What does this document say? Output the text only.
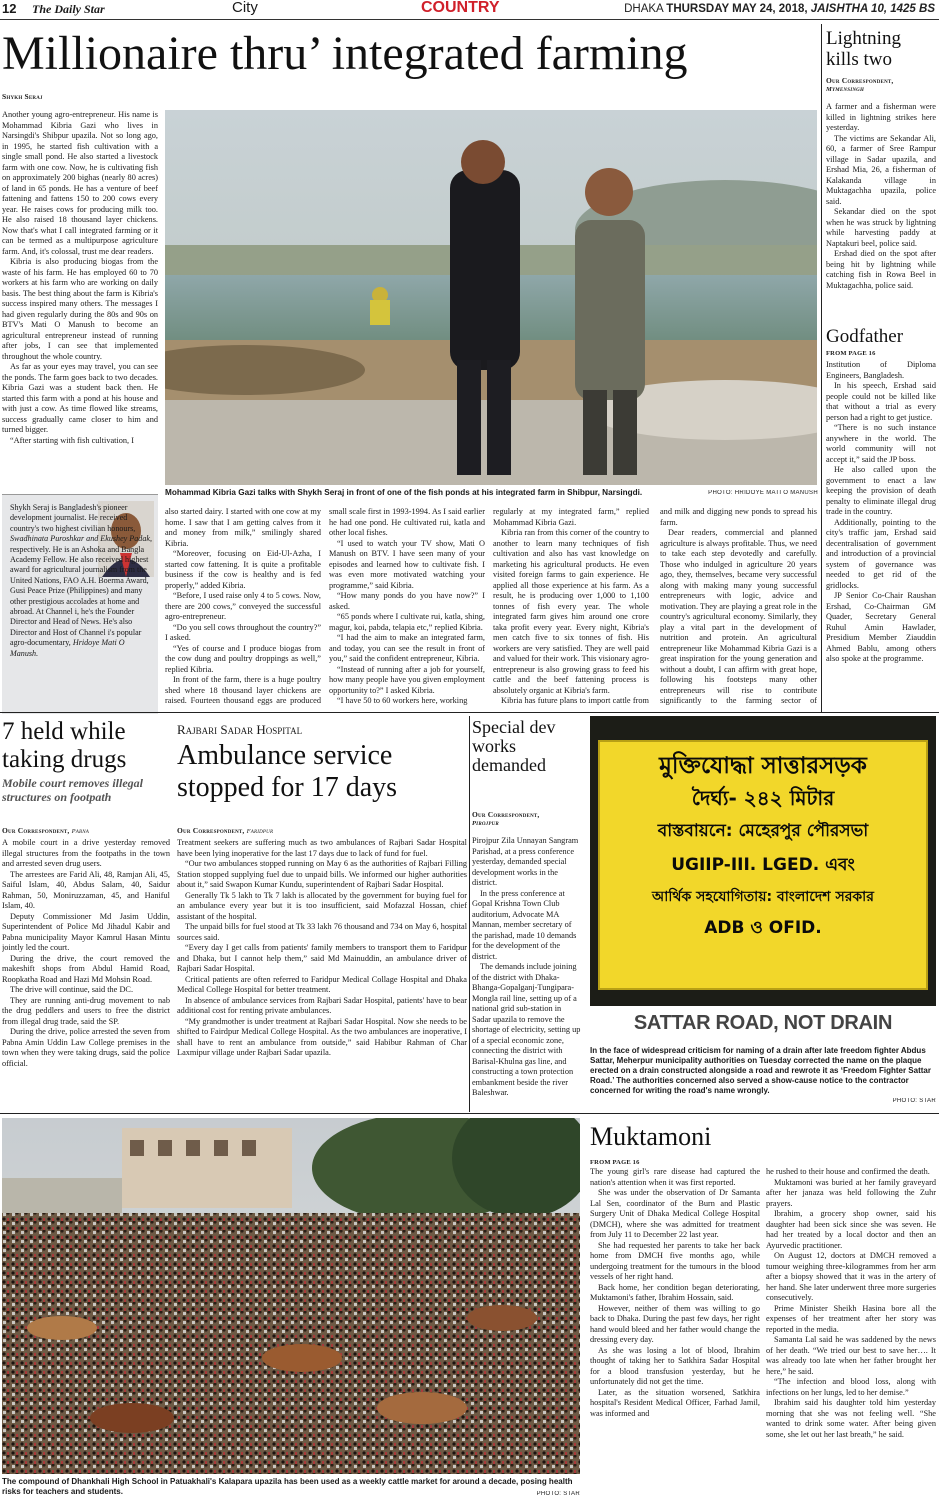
12 The Daily Star	City	COUNTRY	DHAKA THURSDAY MAY 24, 2018, JAISHTHA 10, 1425 BS
Millionaire thru’ integrated farming
Shykh Seraj

Another young agro-entrepreneur. His name is Mohammad Kibria Gazi who lives in Narsingdi's Shibpur upazila. Not so long ago, in 1995, he started fish cultivation with a single small pond. He also started a livestock farm with one cow. Now, he is cultivating fish on approximately 200 bighas (nearly 80 acres) of land in 65 ponds. He has a venture of beef fattening and fattens 150 to 200 cows every year. He raises cows for producing milk too. He also raised 18 thousand layer chickens. Now that's what I call integrated farming or it can be termed as a multipurpose agriculture farm. And, it's colossal, trust me dear readers.

Kibria is also producing biogas from the waste of his farm. He has employed 60 to 70 workers at his farm who are working on daily basis. The best thing about the farm is Kibria's success inspired many others. The messages I had given regularly during the 80s and 90s on BTV's Mati O Manush to become an agricultural entrepreneur instead of running after jobs, I can see that implemented throughout the whole country.

As far as your eyes may travel, you can see the ponds. The farm goes back to two decades. Kibria Gazi was a student back then. He started this farm with a pond at his house and with just a cow. As time flowed like streams, success gradually came closer to him and turned bigger.

“After starting with fish cultivation, I

Mohammad Kibria Gazi talks with Shykh Seraj in front of one of the fish ponds at his integrated farm in Shibpur, Narsingdi.	PHOTO: HRIDOYE MATI O MANUSH
Shykh Seraj is Bangladesh's pioneer development journalist. He received country's two highest civilian honours, Swadhinata Puroshkar and Ekushey Padak, respectively. He is an Ashoka and Bangla Academy Fellow. He also received highest award for agricultural journalism from the United Nations, FAO A.H. Boerma Award, Gusi Peace Prize (Philippines) and many other prestigious accolades at home and abroad. At Channel i, he's the Founder Director and Head of News. He's also Director and Host of Channel i's popular agro-documentary, Hridoye Mati O Manush.

also started dairy. I started with one cow at my home. I saw that I am getting calves from it and money from milk,” smilingly shared Kibria.

“Moreover, focusing on Eid-Ul-Azha, I started cow fattening. It is quite a profitable business if the cow is healthy and is fed properly,” added Kibria.

“Before, I used raise only 4 to 5 cows. Now, there are 200 cows,” conveyed the successful agro-entrepreneur.

“Do you sell cows throughout the country?” I asked.

“Yes of course and I produce biogas from the cow dung and poultry droppings as well,” replied Kibria.

In front of the farm, there is a huge poultry shed where 18 thousand layer chickens are raised. Fourteen thousand eggs are produced

small scale first in 1993-1994. As I said earlier he had one pond. He cultivated rui, katla and other local fishes.

“I used to watch your TV show, Mati O Manush on BTV. I have seen many of your episodes and learned how to cultivate fish. I was even more motivated watching your programme,” said Kibria.

“How many ponds do you have now?” I asked.

“65 ponds where I cultivate rui, katla, shing, magur, koi, pabda, telapia etc,” replied Kibria.

“I had the aim to make an integrated farm, and today, you can see the result in front of you,” said the confident entrepreneur, Kibria.

“Instead of running after a job for yourself, how many people have you given employment opportunity to?” I asked Kibria.

“I have 50 to 60 workers here, working

regularly at my integrated farm,” replied Mohammad Kibria Gazi.

Kibria ran from this corner of the country to another to learn many techniques of fish cultivation and also has vast knowledge on marketing his agricultural products. He even visited foreign farms to gain experience. He applied all those experience at his farm. As a result, he is producing over 1,000 to 1,100 tonnes of fish every year. The whole integrated farm gives him around one crore taka profit every year. Every night, Kibria's men catch five to six tonnes of fish. His workers are very satisfied. They are well paid and valued for their work. This visionary agro-entrepreneur is also growing grass to feed his cattle and the beef fattening process is absolutely organic at Kibria's farm.

Kibria has future plans to import cattle from

and milk and digging new ponds to spread his farm.

Dear readers, commercial and planned agriculture is always profitable. Thus, we need to take each step devotedly and carefully. Those who indulged in agriculture 20 years ago, they, themselves, became very successful along with making many young successful entrepreneurs with logic, advice and motivation. They are playing a great role in the country's agricultural economy. Similarly, they play a vital part in the development of nutrition and protein. An agricultural entrepreneur like Mohammad Kibria Gazi is a great inspiration for the young generation and without a doubt, I can affirm with great hope, following his footsteps many other entrepreneurs will rise to contribute significantly to the farming sector of

Lightning kills two
Our Correspondent,
Mymensingh

A farmer and a fisherman were killed in lightning strikes here yesterday.

The victims are Sekandar Ali, 60, a farmer of Sree Rampur village in Sadar upazila, and Ershad Mia, 26, a fisherman of Kalakanda village in Muktagachha upazila, police said.

Sekandar died on the spot when he was struck by lightning while harvesting paddy at Naptakuri beel, police said.

Ershad died on the spot after being hit by lightning while catching fish in Rowa Beel in Muktagachha, police said.

Godfather
FROM PAGE 16

Institution of Diploma Engineers, Bangladesh.

In his speech, Ershad said people could not be killed like that without a trial as every person had a right to get justice.

“There is no such instance anywhere in the world. The world community will not accept it,” said the JP boss.

He also called upon the government to enact a law keeping the provision of death penalty to eliminate illegal drug trade in the country.

Additionally, pointing to the city's traffic jam, Ershad said decentralisation of government and introduction of a provincial system of governance was needed to get rid of the gridlocks.

JP Senior Co-Chair Raushan Ershad, Co-Chairman GM Quader, Secretary General Ruhul Amin Hawlader, Presidium Member Ziauddin Ahmed Bablu, among others also spoke at the programme.

7 held while taking drugs
Mobile court removes illegal structures on footpath
Our Correspondent, Pabna

A mobile court in a drive yesterday removed illegal structures from the footpaths in the town and arrested seven drug users.

The arrestees are Farid Ali, 48, Ramjan Ali, 45, Saiful Islam, 40, Abdus Salam, 40, Saidur Rahman, 50, Moniruzzaman, 45, and Haniful Islam, 40.

Deputy Commissioner Md Jasim Uddin, Superintendent of Police Md Jihadul Kabir and Pabna municipality Mayor Kamrul Hasan Mintu jointly led the court.

During the drive, the court removed the makeshift shops from Abdul Hamid Road, Roopkatha Road and Hazi Md Mohsin Road.

The drive will continue, said the DC.

They are running anti-drug movement to nab the drug peddlers and users to free the district from illegal drug trade, said the SP.

During the drive, police arrested the seven from Pabna Amin Uddin Law College premises in the town when they were taking drugs, said the police official.

Rajbari Sadar Hospital
Ambulance service stopped for 17 days
Our Correspondent, Faridpur

Treatment seekers are suffering much as two ambulances of Rajbari Sadar Hospital have been lying inoperative for the last 17 days due to lack of fund for fuel.

“Our two ambulances stopped running on May 6 as the authorities of Rajbari Filling Station stopped supplying fuel due to unpaid bills. We informed our higher authorities about it,” said Swapon Kumar Kundu, superintendent of Rajbari Sadar Hospital.

Generally Tk 5 lakh to Tk 7 lakh is allocated by the government for buying fuel for an ambulance every year but it is too insufficient, said Mofazzal Hossan, chief assistant of the hospital.

The unpaid bills for fuel stood at Tk 33 lakh 76 thousand and 734 on May 6, hospital sources said.

“Every day I get calls from patients' family members to transport them to Faridpur and Dhaka, but I cannot help them,” said Md Mainuddin, an ambulance driver of Rajbari Sadar Hospital.

Critical patients are often referred to Faridpur Medical Collage Hospital and Dhaka Medical College Hospital for better treatment.

In absence of ambulance services from Rajbari Sadar Hospital, patients' have to bear additional cost for renting private ambulances.

“My grandmother is under treatment at Rajbari Sadar Hospital. Now she needs to be shifted to Fairdpur Medical College Hospital. As the two ambulances are inoperative, I shall have to rent an ambulance from outside,” said Habibur Rahman of Char Laxmipur village under Rajbari Sadar upazila.

Special dev works demanded
Our Correspondent,
Pirojpur

Pirojpur Zila Unnayan Sangram Parishad, at a press conference yesterday, demanded special development works in the district.

In the press conference at Gopal Krishna Town Club auditorium, Advocate MA Mannan, member secretary of the parishad, made 10 demands for the development of the district.

The demands include joining of the district with Dhaka-Bhanga-Gopalganj-Tungipara-Mongla rail line, setting up of a national grid sub-station in Sadar upazila to remove the shortage of electricity, setting up of a special economic zone, connecting the district with Barisal-Khulna gas line, and constructing a town protection embankment beside the river Baleshwar.

মুক্তিযোদ্ধা সাত্তারসড়ক
দৈর্ঘ্য- ২৪২ মিটার
বাস্তবায়নে: মেহেরপুর পৌরসভা
UGIIP-III. LGED. এবং
আর্থিক সহযোগিতায়: বাংলাদেশ সরকার
ADB ও OFID.
SATTAR ROAD, NOT DRAIN
In the face of widespread criticism for naming of a drain after late freedom fighter Abdus Sattar, Meherpur municipality authorities on Tuesday corrected the name on the plaque erected on a drain constructed alongside a road and rewrote it as ‘Freedom Fighter Sattar Road.’ The authorities concerned also served a show-cause notice to the contractor concerned for writing the road's name wrongly.
PHOTO: STAR
The compound of Dhankhali High School in Patuakhali's Kalapara upazila has been used as a weekly cattle market for around a decade, posing health risks for teachers and students.	PHOTO: STAR
Muktamoni
FROM PAGE 16

The young girl's rare disease had captured the nation's attention when it was first reported.

She was under the observation of Dr Samanta Lal Sen, coordinator of the Burn and Plastic Surgery Unit of Dhaka Medical College Hospital (DMCH), where she was admitted for treatment from July 11 to December 22 last year.

She had requested her parents to take her back home from DMCH five months ago, while undergoing treatment for the tumours in the blood vessels of her right hand.

Back home, her condition began deteriorating, Muktamoni's father, Ibrahim Hossain, said.

However, neither of them was willing to go back to Dhaka. During the past few days, her right hand would bleed and her father would change the dressing every day.

As she was losing a lot of blood, Ibrahim thought of taking her to Satkhira Sadar Hospital for a blood transfusion yesterday, but he unfortunately did not get the time.

Later, as the situation worsened, Satkhira hospital's Resident Medical Officer, Farhad Jamil, was informed and

he rushed to their house and confirmed the death.

Muktamoni was buried at her family graveyard after her janaza was held following the Zuhr prayers.

Ibrahim, a grocery shop owner, said his daughter had been sick since she was seven. He had her treated by a local doctor and then an Ayurvedic practitioner.

On August 12, doctors at DMCH removed a tumour weighing three-kilogrammes from her arm after a biopsy showed that it was in the artery of her hand. She later underwent three more surgeries consecutively.

Prime Minister Sheikh Hasina bore all the expenses of her treatment after her story was reported in the media.

Samanta Lal said he was saddened by the news of her death. “We tried our best to save her…. It was already too late when her father brought her here,” he said.

“The infection and blood loss, along with infections on her lungs, led to her demise.”

Ibrahim said his daughter told him yesterday morning that she was not feeling well. “She wanted to drink some water. After being given some, she let out her last breath,” he said.
